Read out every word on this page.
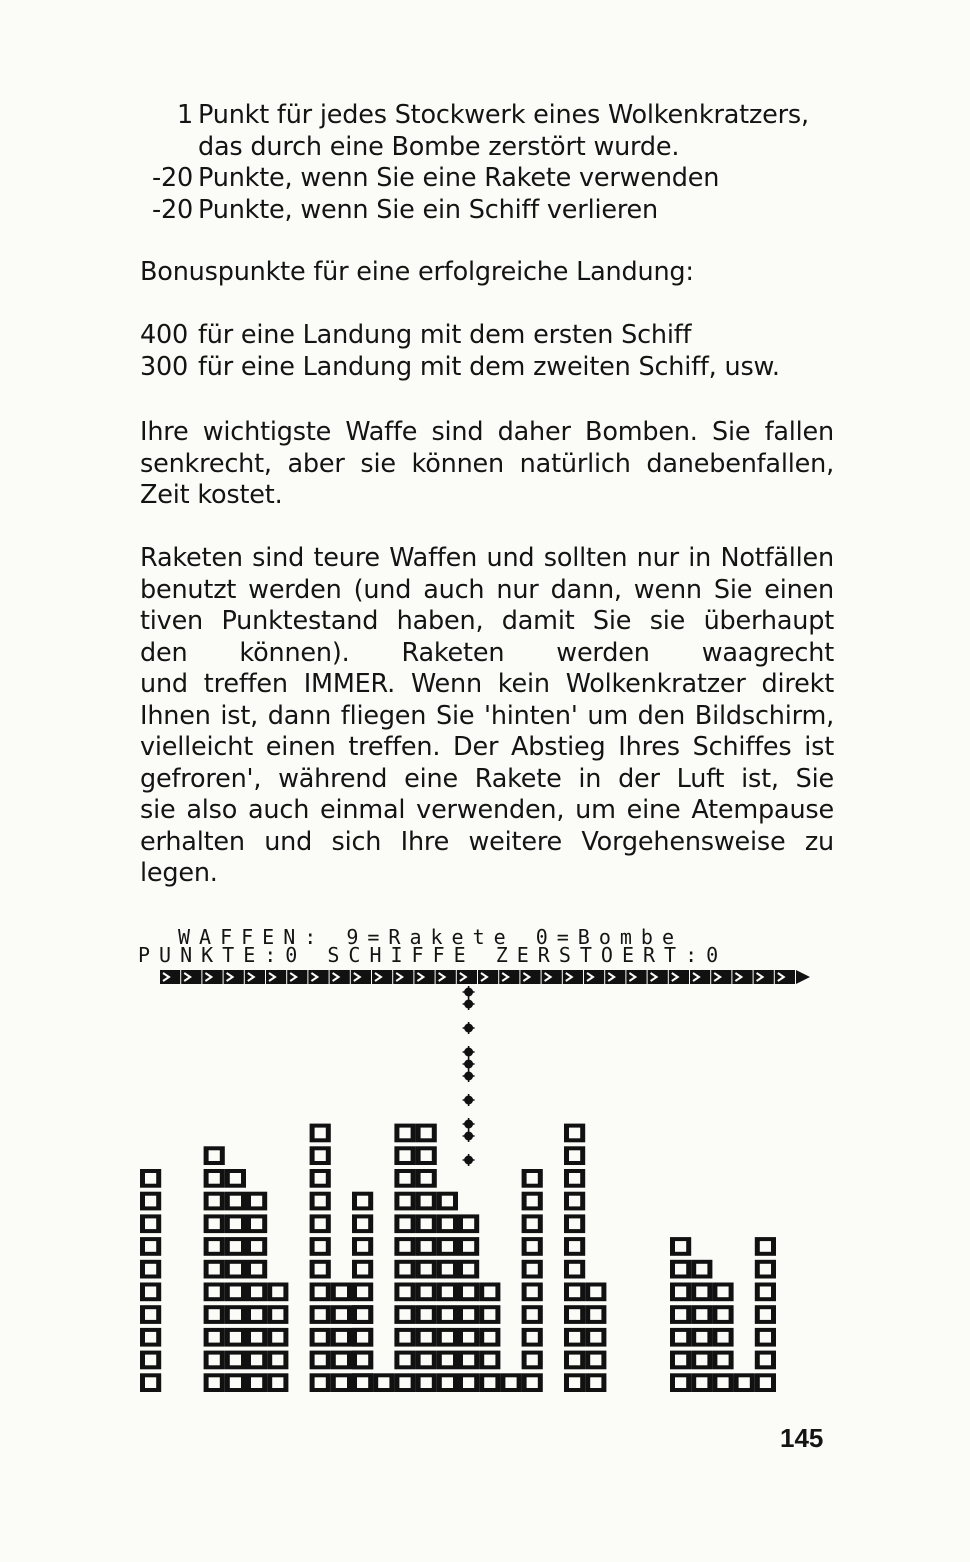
1 Punkt für jedes Stockwerk eines Wolkenkratzers,
das durch eine Bombe zerstört wurde.
-20 Punkte, wenn Sie eine Rakete verwenden
-20 Punkte, wenn Sie ein Schiff verlieren
Bonuspunkte für eine erfolgreiche Landung:
400 für eine Landung mit dem ersten Schiff
300 für eine Landung mit dem zweiten Schiff, usw.
Ihre wichtigste Waffe sind daher Bomben. Sie fallen
senkrecht, aber sie können natürlich danebenfallen,
Zeit kostet.
Raketen sind teure Waffen und sollten nur in Notfällen
benutzt werden (und auch nur dann, wenn Sie einen
tiven Punktestand haben, damit Sie sie überhaupt
den können). Raketen werden waagrecht
und treffen IMMER. Wenn kein Wolkenkratzer direkt
Ihnen ist, dann fliegen Sie 'hinten' um den Bildschirm,
vielleicht einen treffen. Der Abstieg Ihres Schiffes ist
gefroren', während eine Rakete in der Luft ist, Sie
sie also auch einmal verwenden, um eine Atempause
erhalten und sich Ihre weitere Vorgehensweise zu
legen.
WAFFEN: 9=Rakete 0=Bombe
PUNKTE:0 SCHIFFE ZERSTOERT:0
145
